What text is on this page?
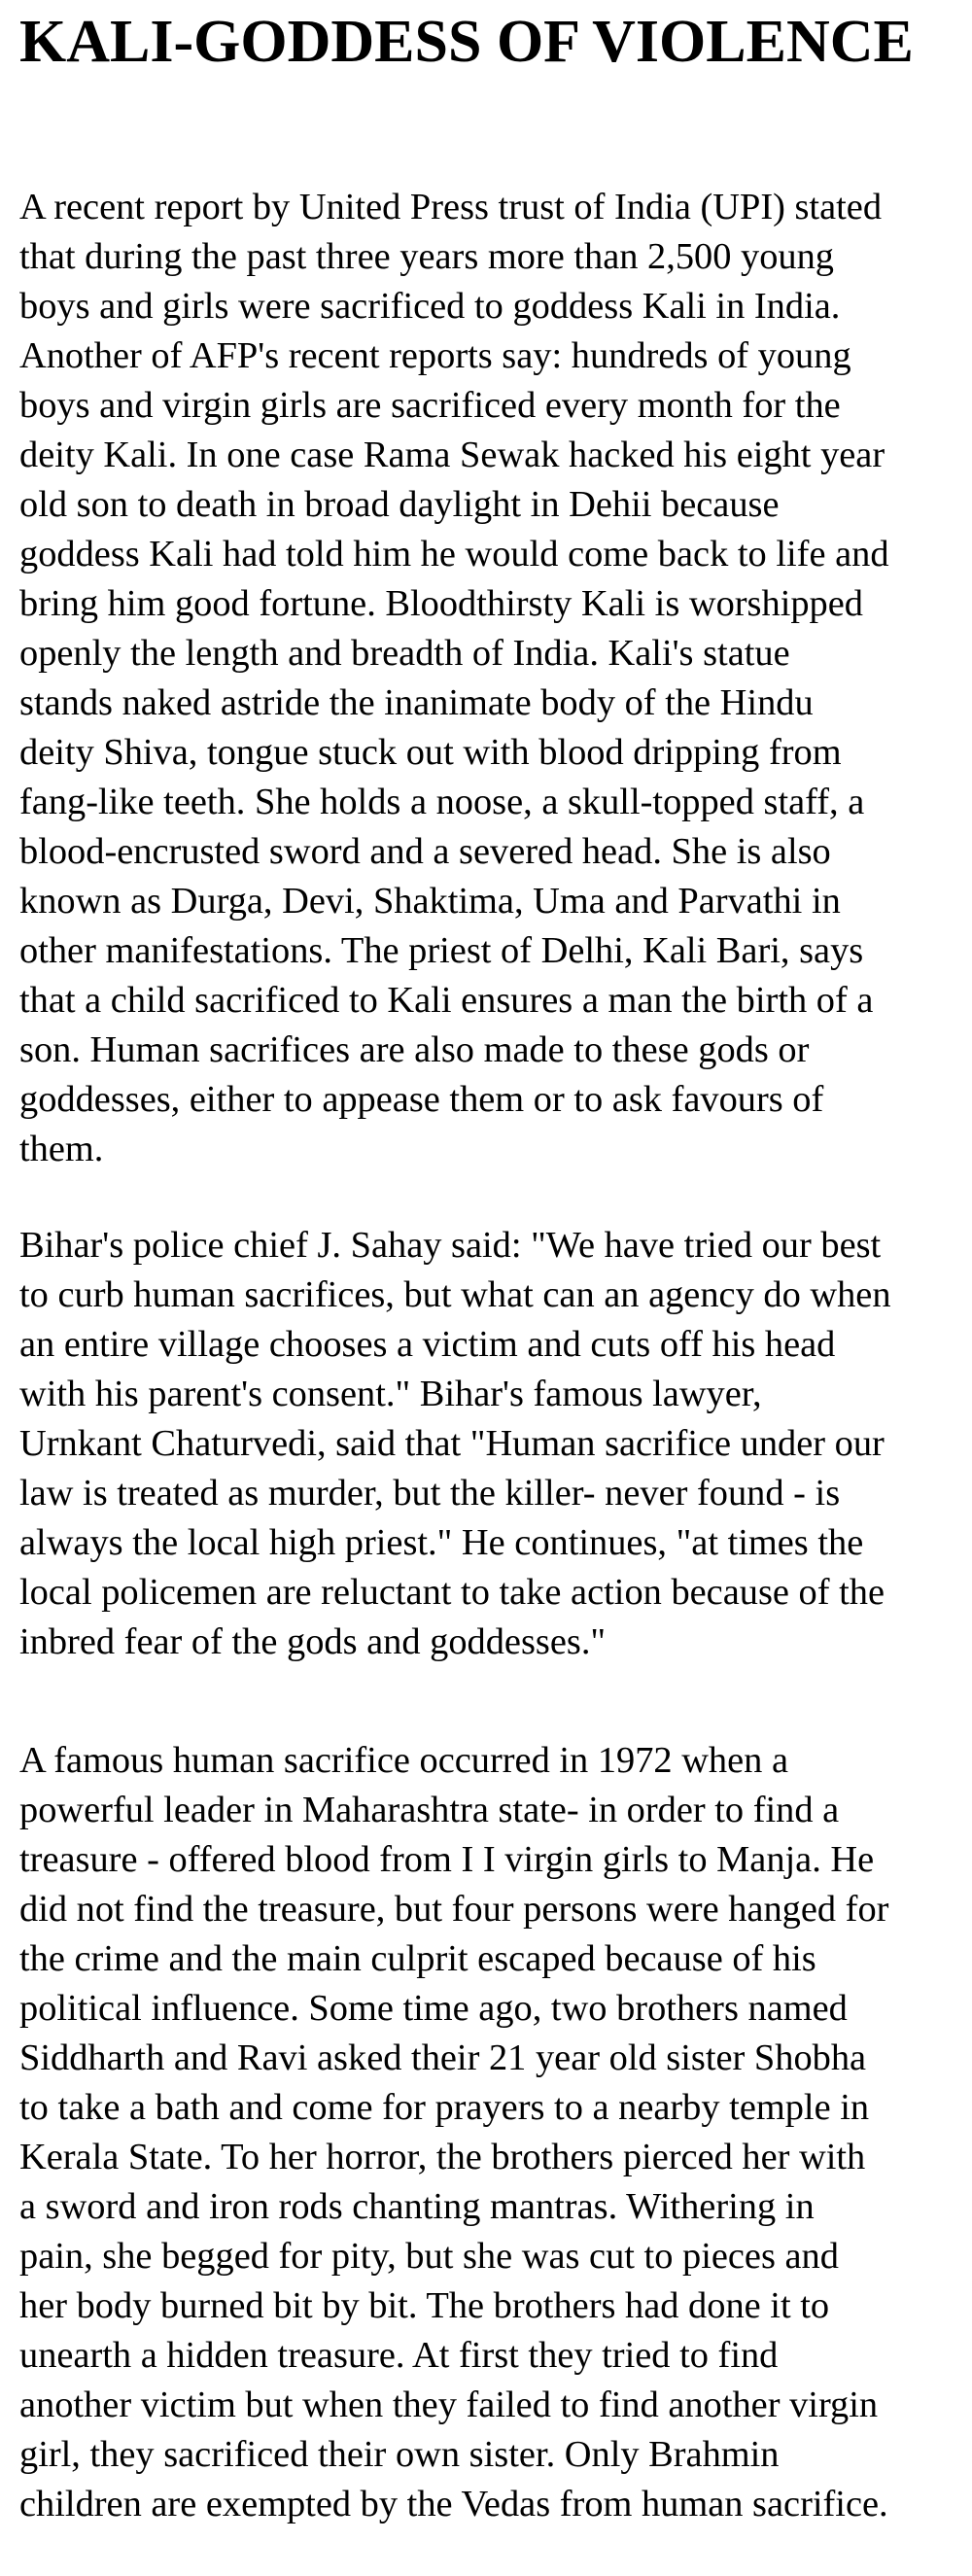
KALI-GODDESS OF VIOLENCE
A recent report by United Press trust of India (UPI) stated
that during the past three years more than 2,500 young
boys and girls were sacrificed to goddess Kali in India.
Another of AFP's recent reports say: hundreds of young
boys and virgin girls are sacrificed every month for the
deity Kali. In one case Rama Sewak hacked his eight year
old son to death in broad daylight in Dehii because
goddess Kali had told him he would come back to life and
bring him good fortune. Bloodthirsty Kali is worshipped
openly the length and breadth of India. Kali's statue
stands naked astride the inanimate body of the Hindu
deity Shiva, tongue stuck out with blood dripping from
fang-like teeth. She holds a noose, a skull-topped staff, a
blood-encrusted sword and a severed head. She is also
known as Durga, Devi, Shaktima, Uma and Parvathi in
other manifestations. The priest of Delhi, Kali Bari, says
that a child sacrificed to Kali ensures a man the birth of a
son. Human sacrifices are also made to these gods or
goddesses, either to appease them or to ask favours of
them.
Bihar's police chief J. Sahay said: "We have tried our best
to curb human sacrifices, but what can an agency do when
an entire village chooses a victim and cuts off his head
with his parent's consent." Bihar's famous lawyer,
Urnkant Chaturvedi, said that "Human sacrifice under our
law is treated as murder, but the killer- never found - is
always the local high priest." He continues, "at times the
local policemen are reluctant to take action because of the
inbred fear of the gods and goddesses."
A famous human sacrifice occurred in 1972 when a
powerful leader in Maharashtra state- in order to find a
treasure - offered blood from I I virgin girls to Manja. He
did not find the treasure, but four persons were hanged for
the crime and the main culprit escaped because of his
political influence. Some time ago, two brothers named
Siddharth and Ravi asked their 21 year old sister Shobha
to take a bath and come for prayers to a nearby temple in
Kerala State. To her horror, the brothers pierced her with
a sword and iron rods chanting mantras. Withering in
pain, she begged for pity, but she was cut to pieces and
her body burned bit by bit. The brothers had done it to
unearth a hidden treasure. At first they tried to find
another victim but when they failed to find another virgin
girl, they sacrificed their own sister. Only Brahmin
children are exempted by the Vedas from human sacrifice.
